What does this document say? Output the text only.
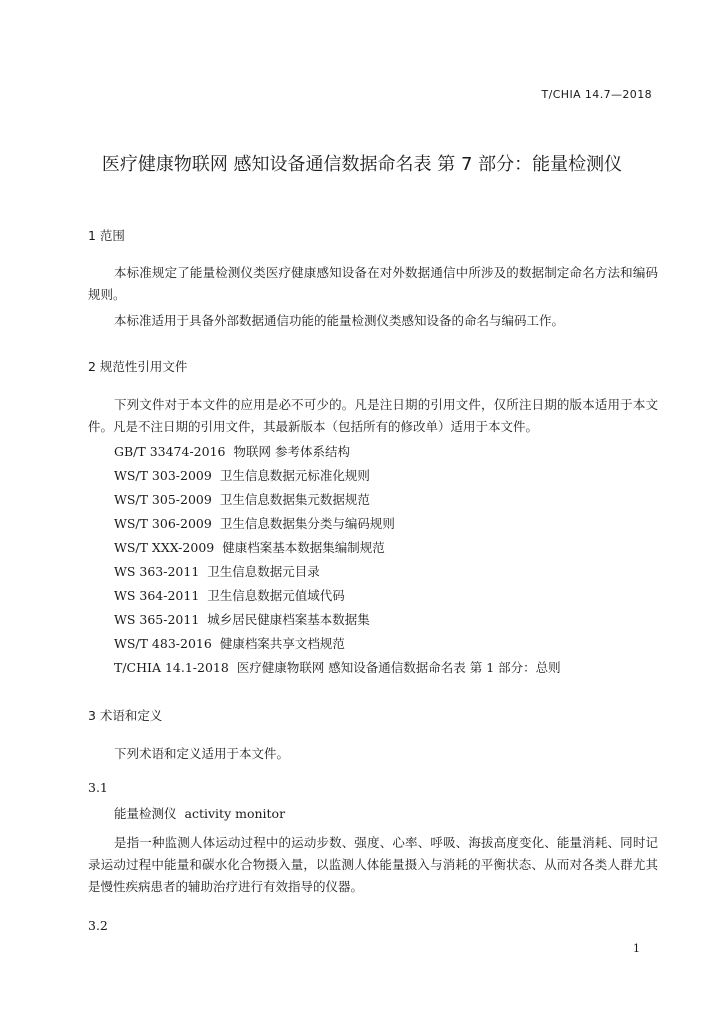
T/CHIA 14.7—2018
医疗健康物联网 感知设备通信数据命名表 第 7 部分：能量检测仪
1 范围

本标准规定了能量检测仪类医疗健康感知设备在对外数据通信中所涉及的数据制定命名方法和编码规则。

本标准适用于具备外部数据通信功能的能量检测仪类感知设备的命名与编码工作。

2 规范性引用文件

下列文件对于本文件的应用是必不可少的。凡是注日期的引用文件，仅所注日期的版本适用于本文件。凡是不注日期的引用文件，其最新版本（包括所有的修改单）适用于本文件。

GB/T 33474-2016 物联网 参考体系结构
WS/T 303-2009 卫生信息数据元标准化规则
WS/T 305-2009 卫生信息数据集元数据规范
WS/T 306-2009 卫生信息数据集分类与编码规则
WS/T XXX-2009 健康档案基本数据集编制规范
WS 363-2011 卫生信息数据元目录
WS 364-2011 卫生信息数据元值域代码
WS 365-2011 城乡居民健康档案基本数据集
WS/T 483-2016 健康档案共享文档规范
T/CHIA 14.1-2018 医疗健康物联网 感知设备通信数据命名表 第 1 部分：总则
3 术语和定义
下列术语和定义适用于本文件。
3.1
能量检测仪 activity monitor

是指一种监测人体运动过程中的运动步数、强度、心率、呼吸、海拔高度变化、能量消耗、同时记录运动过程中能量和碳水化合物摄入量，以监测人体能量摄入与消耗的平衡状态、从而对各类人群尤其是慢性疾病患者的辅助治疗进行有效指导的仪器。

3.2
1
